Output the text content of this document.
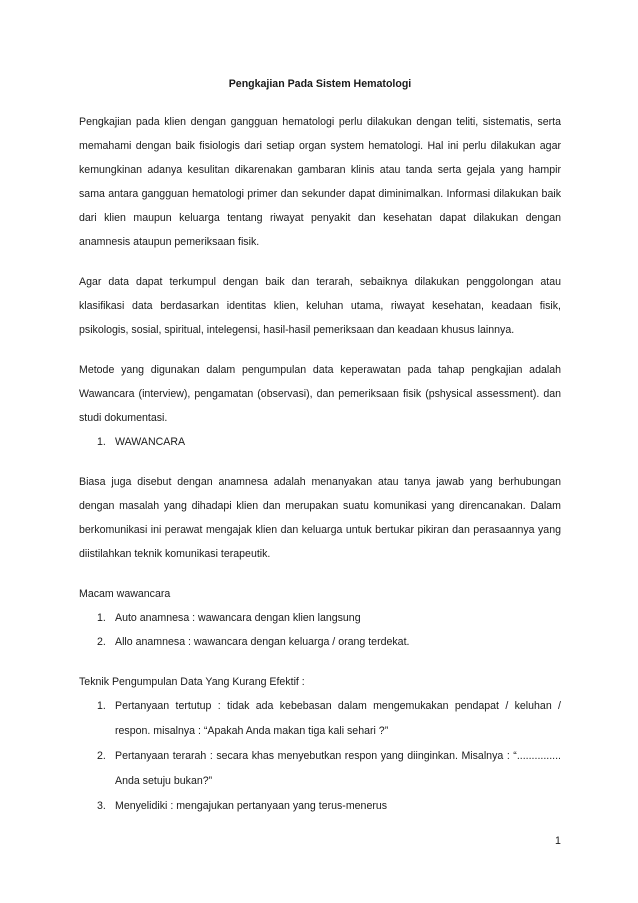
Pengkajian Pada Sistem Hematologi

Pengkajian pada klien dengan gangguan hematologi perlu dilakukan dengan teliti, sistematis, serta memahami dengan baik fisiologis dari setiap organ system hematologi. Hal ini perlu dilakukan agar kemungkinan adanya kesulitan dikarenakan gambaran klinis atau tanda serta gejala yang hampir sama antara gangguan hematologi primer dan sekunder dapat diminimalkan. Informasi dilakukan baik dari klien maupun keluarga tentang riwayat penyakit dan kesehatan dapat dilakukan dengan anamnesis ataupun pemeriksaan fisik.

Agar data dapat terkumpul dengan baik dan terarah, sebaiknya dilakukan penggolongan atau klasifikasi data berdasarkan identitas klien, keluhan utama, riwayat kesehatan, keadaan fisik, psikologis, sosial, spiritual, intelegensi, hasil-hasil pemeriksaan dan keadaan khusus lainnya.

Metode yang digunakan dalam pengumpulan data keperawatan pada tahap pengkajian adalah Wawancara (interview), pengamatan (observasi), dan pemeriksaan fisik (pshysical assessment). dan studi dokumentasi.

1. WAWANCARA

Biasa juga disebut dengan anamnesa adalah menanyakan atau tanya jawab yang berhubungan dengan masalah yang dihadapi klien dan merupakan suatu komunikasi yang direncanakan. Dalam berkomunikasi ini perawat mengajak klien dan keluarga untuk bertukar pikiran dan perasaannya yang diistilahkan teknik komunikasi terapeutik.

Macam wawancara

1. Auto anamnesa : wawancara dengan klien langsung
2. Allo anamnesa : wawancara dengan keluarga / orang terdekat.

Teknik Pengumpulan Data Yang Kurang Efektif :

1. Pertanyaan tertutup : tidak ada kebebasan dalam mengemukakan pendapat / keluhan / respon. misalnya : “Apakah Anda makan tiga kali sehari ?”
2. Pertanyaan terarah : secara khas menyebutkan respon yang diinginkan. Misalnya : “............... Anda setuju bukan?”
3. Menyelidiki : mengajukan pertanyaan yang terus-menerus
1
